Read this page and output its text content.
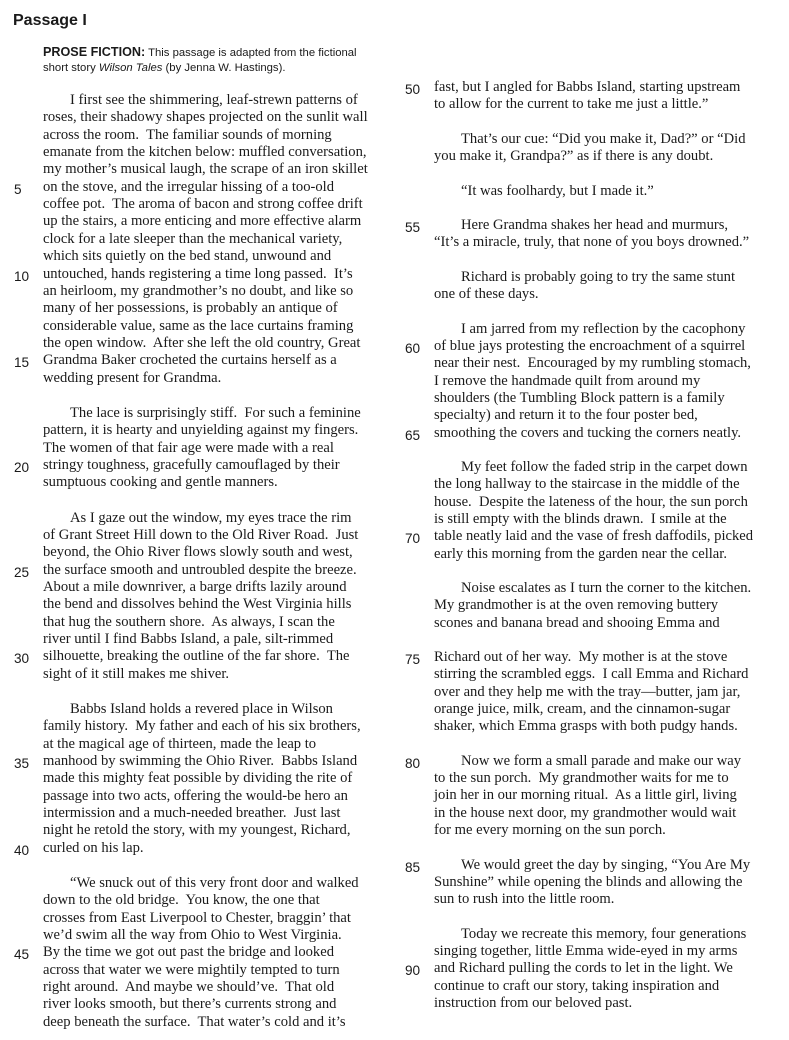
Passage I
PROSE FICTION: This passage is adapted from the fictional short story Wilson Tales (by Jenna W. Hastings).
I first see the shimmering, leaf-strewn patterns of
roses, their shadowy shapes projected on the sunlit wall
across the room.  The familiar sounds of morning
emanate from the kitchen below: muffled conversation,
my mother’s musical laugh, the scrape of an iron skillet
on the stove, and the irregular hissing of a too-old
5
coffee pot.  The aroma of bacon and strong coffee drift
up the stairs, a more enticing and more effective alarm
clock for a late sleeper than the mechanical variety,
which sits quietly on the bed stand, unwound and
untouched, hands registering a time long passed.  It’s
10
an heirloom, my grandmother’s no doubt, and like so
many of her possessions, is probably an antique of
considerable value, same as the lace curtains framing
the open window.  After she left the old country, Great
Grandma Baker crocheted the curtains herself as a
15
wedding present for Grandma.
The lace is surprisingly stiff.  For such a feminine
pattern, it is hearty and unyielding against my fingers.
The women of that fair age were made with a real
stringy toughness, gracefully camouflaged by their
20
sumptuous cooking and gentle manners.
As I gaze out the window, my eyes trace the rim
of Grant Street Hill down to the Old River Road.  Just
beyond, the Ohio River flows slowly south and west,
the surface smooth and untroubled despite the breeze.
25
About a mile downriver, a barge drifts lazily around
the bend and dissolves behind the West Virginia hills
that hug the southern shore.  As always, I scan the
river until I find Babbs Island, a pale, silt-rimmed
silhouette, breaking the outline of the far shore.  The
30
sight of it still makes me shiver.
Babbs Island holds a revered place in Wilson
family history.  My father and each of his six brothers,
at the magical age of thirteen, made the leap to
manhood by swimming the Ohio River.  Babbs Island
35
made this mighty feat possible by dividing the rite of
passage into two acts, offering the would-be hero an
intermission and a much-needed breather.  Just last
night he retold the story, with my youngest, Richard,
curled on his lap.
40
“We snuck out of this very front door and walked
down to the old bridge.  You know, the one that
crosses from East Liverpool to Chester, braggin’ that
we’d swim all the way from Ohio to West Virginia.
By the time we got out past the bridge and looked
45
across that water we were mightily tempted to turn
right around.  And maybe we should’ve.  That old
river looks smooth, but there’s currents strong and
deep beneath the surface.  That water’s cold and it’s
fast, but I angled for Babbs Island, starting upstream
50
to allow for the current to take me just a little.”
That’s our cue: “Did you make it, Dad?” or “Did
you make it, Grandpa?” as if there is any doubt.
“It was foolhardy, but I made it.”
Here Grandma shakes her head and murmurs,
55
“It’s a miracle, truly, that none of you boys drowned.”
Richard is probably going to try the same stunt
one of these days.
I am jarred from my reflection by the cacophony
of blue jays protesting the encroachment of a squirrel
60
near their nest.  Encouraged by my rumbling stomach,
I remove the handmade quilt from around my
shoulders (the Tumbling Block pattern is a family
specialty) and return it to the four poster bed,
smoothing the covers and tucking the corners neatly.
65
My feet follow the faded strip in the carpet down
the long hallway to the staircase in the middle of the
house.  Despite the lateness of the hour, the sun porch
is still empty with the blinds drawn.  I smile at the
table neatly laid and the vase of fresh daffodils, picked
70
early this morning from the garden near the cellar.
Noise escalates as I turn the corner to the kitchen.
My grandmother is at the oven removing buttery
scones and banana bread and shooing Emma and
Richard out of her way.  My mother is at the stove
75
stirring the scrambled eggs.  I call Emma and Richard
over and they help me with the tray—butter, jam jar,
orange juice, milk, cream, and the cinnamon-sugar
shaker, which Emma grasps with both pudgy hands.
Now we form a small parade and make our way
80
to the sun porch.  My grandmother waits for me to
join her in our morning ritual.  As a little girl, living
in the house next door, my grandmother would wait
for me every morning on the sun porch.
We would greet the day by singing, “You Are My
85
Sunshine” while opening the blinds and allowing the
sun to rush into the little room.
Today we recreate this memory, four generations
singing together, little Emma wide-eyed in my arms
and Richard pulling the cords to let in the light. We
90
continue to craft our story, taking inspiration and
instruction from our beloved past.
